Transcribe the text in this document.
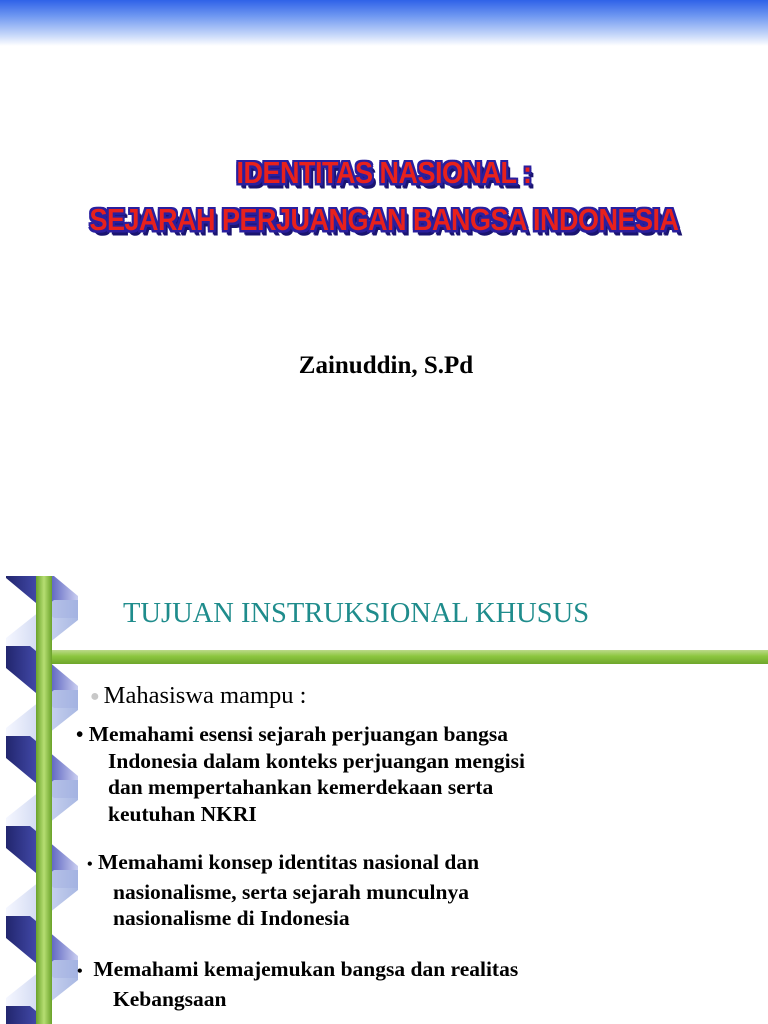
IDENTITAS NASIONAL :
SEJARAH PERJUANGAN BANGSA INDONESIA
Zainuddin, S.Pd
TUJUAN INSTRUKSIONAL KHUSUS
● Mahasiswa mampu :
• Memahami esensi sejarah perjuangan bangsa
Indonesia dalam konteks perjuangan mengisi
dan mempertahankan kemerdekaan serta
keutuhan NKRI
• Memahami konsep identitas nasional dan
nasionalisme, serta sejarah munculnya
nasionalisme di Indonesia
• Memahami kemajemukan bangsa dan realitas
Kebangsaan
